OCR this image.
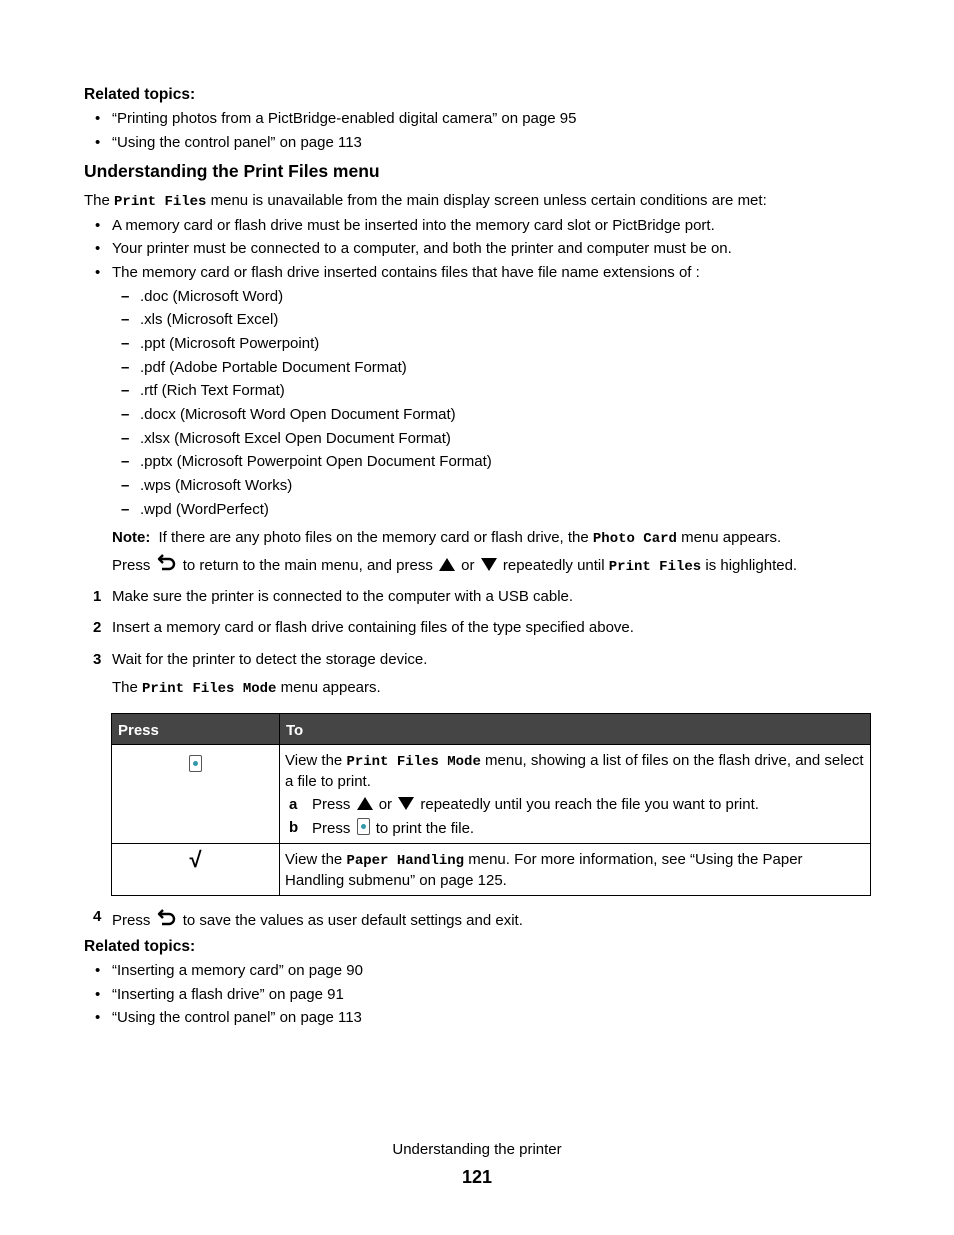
Related topics:
• “Printing photos from a PictBridge-enabled digital camera” on page 95
• “Using the control panel” on page 113
Understanding the Print Files menu
The Print Files menu is unavailable from the main display screen unless certain conditions are met:
• A memory card or flash drive must be inserted into the memory card slot or PictBridge port.
• Your printer must be connected to a computer, and both the printer and computer must be on.
• The memory card or flash drive inserted contains files that have file name extensions of :
– .doc (Microsoft Word)
– .xls (Microsoft Excel)
– .ppt (Microsoft Powerpoint)
– .pdf (Adobe Portable Document Format)
– .rtf (Rich Text Format)
– .docx (Microsoft Word Open Document Format)
– .xlsx (Microsoft Excel Open Document Format)
– .pptx (Microsoft Powerpoint Open Document Format)
– .wps (Microsoft Works)
– .wpd (WordPerfect)
Note: If there are any photo files on the memory card or flash drive, the Photo Card menu appears.
Press to return to the main menu, and press or repeatedly until Print Files is highlighted.
1 Make sure the printer is connected to the computer with a USB cable.
2 Insert a memory card or flash drive containing files of the type specified above.
3 Wait for the printer to detect the storage device.
The Print Files Mode menu appears.
Press	To

	View the Print Files Mode menu, showing a list of files on the flash drive, and select a file to print.
a Press or repeatedly until you reach the file you want to print.
b Press to print the file.

√	View the Paper Handling menu. For more information, see “Using the Paper Handling submenu” on page 125.
4 Press to save the values as user default settings and exit.
Related topics:
• “Inserting a memory card” on page 90
• “Inserting a flash drive” on page 91
• “Using the control panel” on page 113
Understanding the printer
121
